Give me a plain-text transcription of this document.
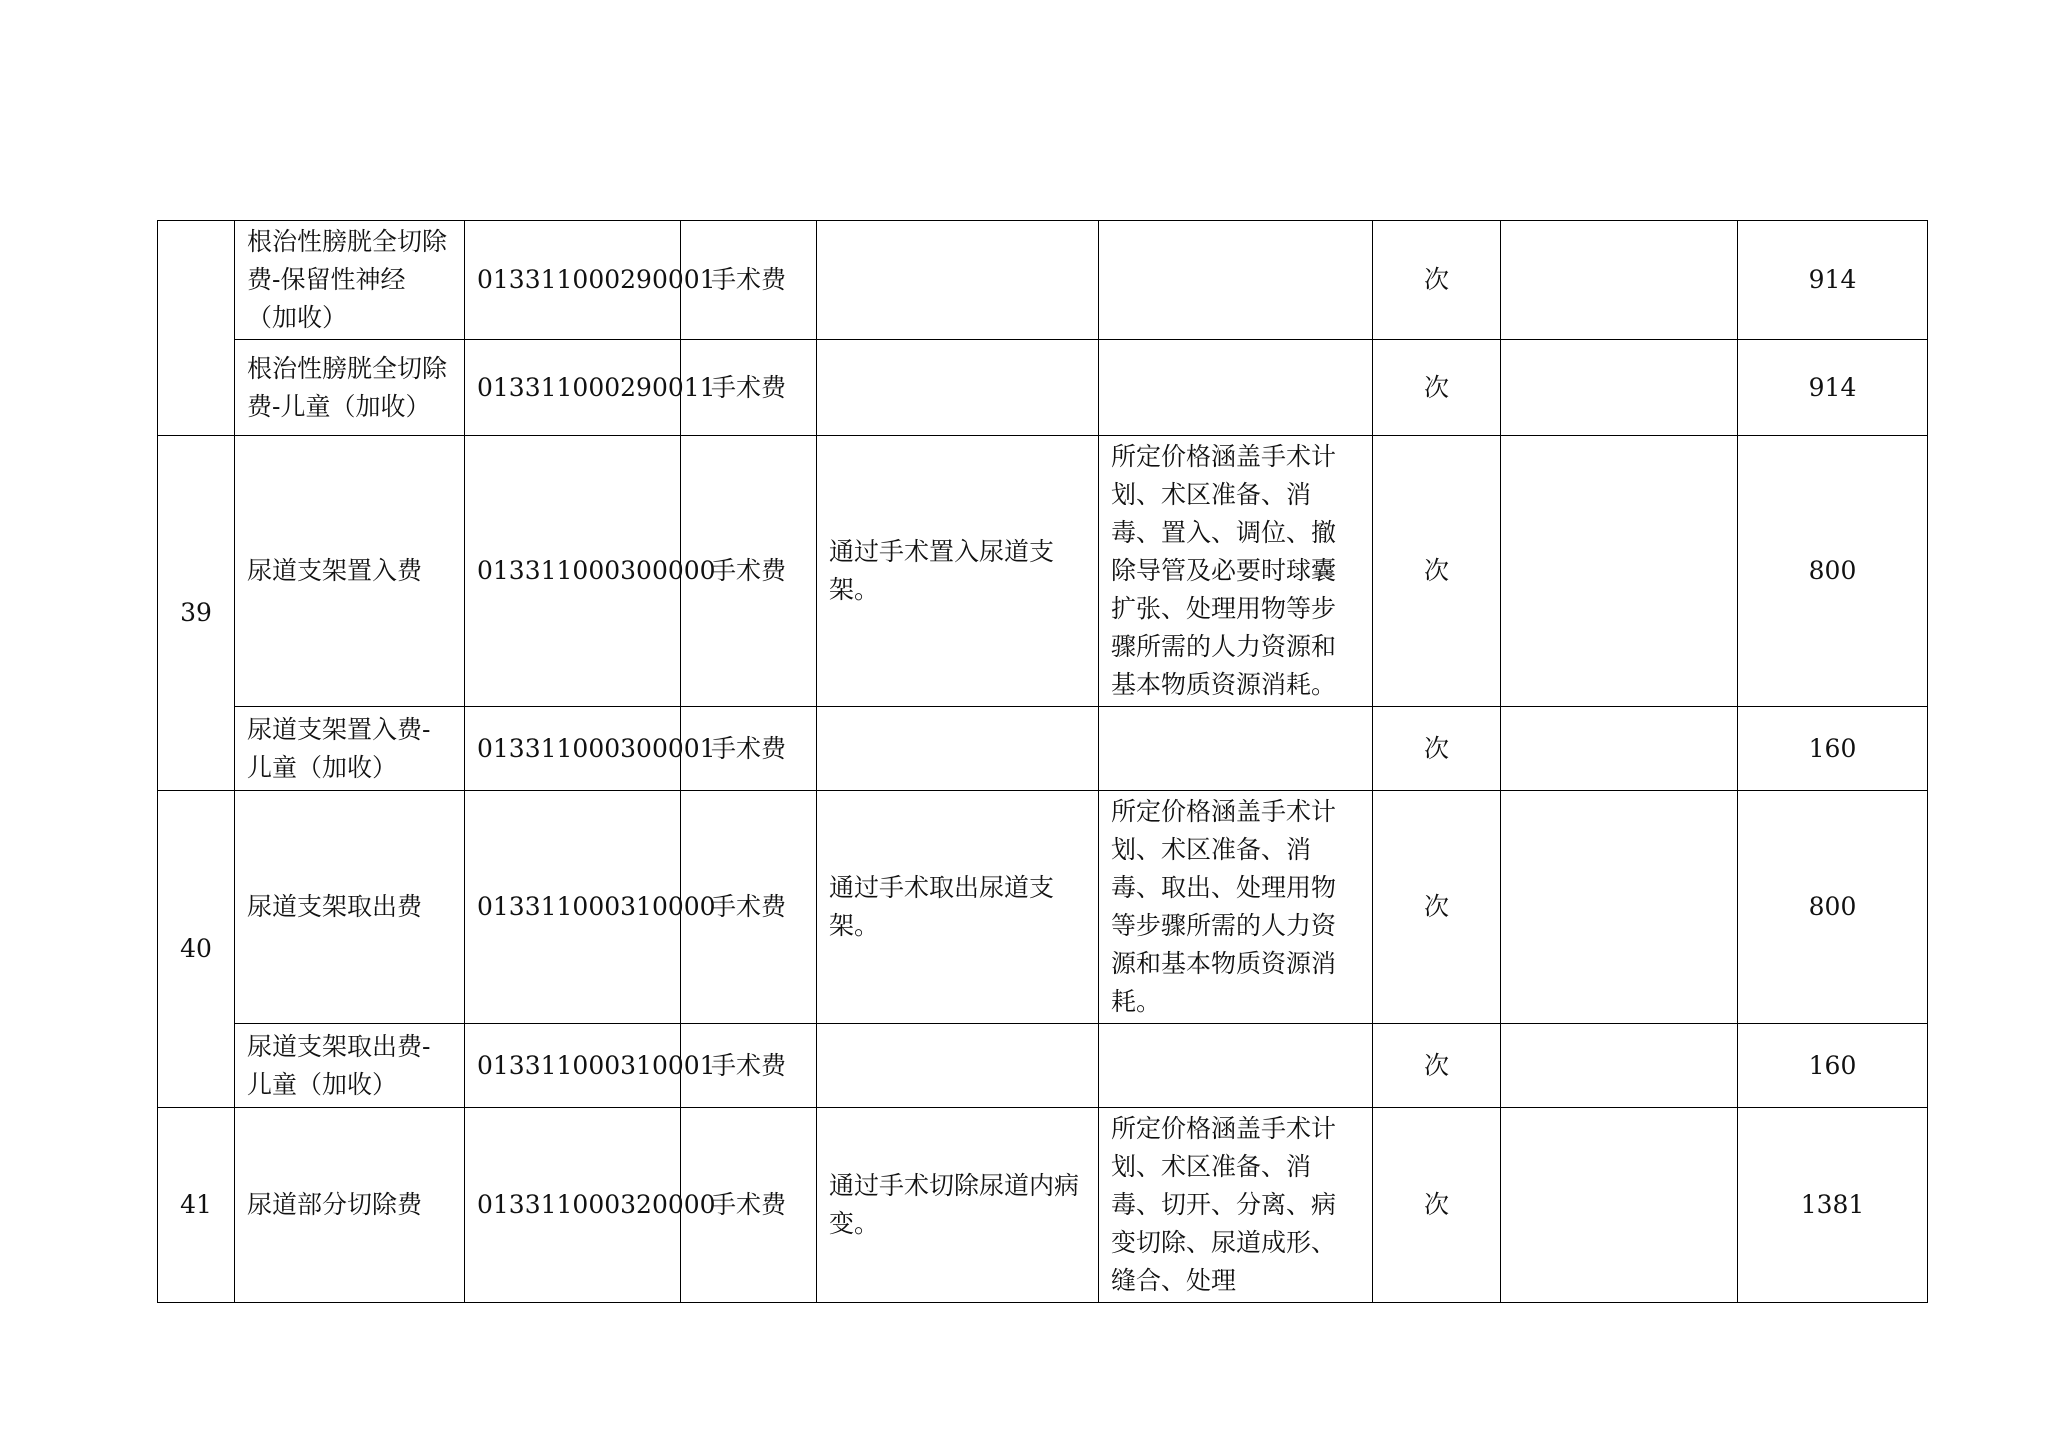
	根治性膀胱全切除费-保留性神经（加收）	013311000290001	手术费			次		914
	根治性膀胱全切除费-儿童（加收）	013311000290011	手术费			次		914
39	尿道支架置入费	013311000300000	手术费	通过手术置入尿道支架。	所定价格涵盖手术计划、术区准备、消毒、置入、调位、撤除导管及必要时球囊扩张、处理用物等步骤所需的人力资源和基本物质资源消耗。	次		800
	尿道支架置入费-儿童（加收）	013311000300001	手术费			次		160
40	尿道支架取出费	013311000310000	手术费	通过手术取出尿道支架。	所定价格涵盖手术计划、术区准备、消毒、取出、处理用物等步骤所需的人力资源和基本物质资源消耗。	次		800
	尿道支架取出费-儿童（加收）	013311000310001	手术费			次		160
41	尿道部分切除费	013311000320000	手术费	通过手术切除尿道内病变。	所定价格涵盖手术计划、术区准备、消毒、切开、分离、病变切除、尿道成形、缝合、处理	次		1381
